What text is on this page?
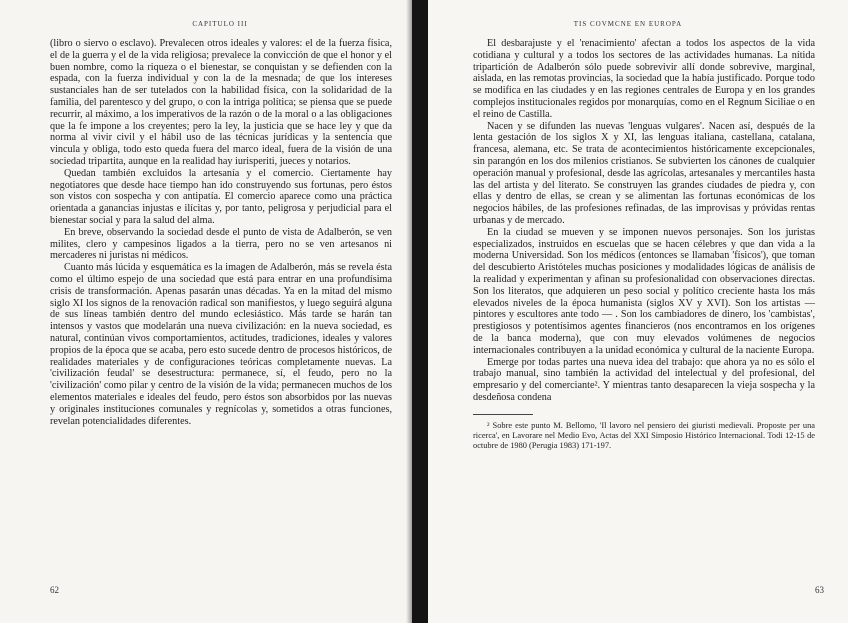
CAPITULO III

(libro o siervo o esclavo). Prevalecen otros ideales y valores: el de la fuerza física, el de la guerra y el de la vida religiosa; prevalece la convicción de que el honor y el buen nombre, como la riqueza o el bienestar, se conquistan y se defienden con la espada, con la fuerza individual y con la de la mesnada; de que los intereses sustanciales han de ser tutelados con la habilidad física, con la solidaridad de la familia, del parentesco y del grupo, o con la intriga política; se piensa que se puede recurrir, al máximo, a los imperativos de la razón o de la moral o a las obligaciones que la fe impone a los creyentes; pero la ley, la justicia que se hace ley y que da norma al vivir civil y el hábil uso de las técnicas jurídicas y la sentencia que vincula y obliga, todo esto queda fuera del marco ideal, fuera de la visión de una sociedad tripartita, aunque en la realidad hay iurisperiti, jueces y notarios.

Quedan también excluidos la artesanía y el comercio. Ciertamente hay negotiatores que desde hace tiempo han ido construyendo sus fortunas, pero éstos son vistos con sospecha y con antipatía. El comercio aparece como una práctica orientada a ganancias injustas e ilícitas y, por tanto, peligrosa y perjudicial para el bienestar social y para la salud del alma.

En breve, observando la sociedad desde el punto de vista de Adalberón, se ven milites, clero y campesinos ligados a la tierra, pero no se ven artesanos ni mercaderes ni juristas ni médicos.

Cuanto más lúcida y esquemática es la imagen de Adalberón, más se revela ésta como el último espejo de una sociedad que está para entrar en una profundísima crisis de transformación. Apenas pasarán unas décadas. Ya en la mitad del mismo siglo XI los signos de la renovación radical son manifiestos, y luego seguirá alguna de sus líneas también dentro del mundo eclesiástico. Más tarde se harán tan intensos y vastos que modelarán una nueva civilización: en la nueva sociedad, es natural, continúan vivos comportamientos, actitudes, tradiciones, ideales y valores propios de la época que se acaba, pero esto sucede dentro de procesos históricos, de realidades materiales y de configuraciones teóricas completamente nuevas. La 'civilización feudal' se desestructura: permanece, sí, el feudo, pero no la 'civilización' como pilar y centro de la visión de la vida; permanecen muchos de los elementos materiales e ideales del feudo, pero éstos son absorbidos por las nuevas y originales instituciones comunales y regnícolas y, sometidos a otras funciones, revelan potencialidades diferentes.

62
TIS COVMCNE EN EUROPA

El desbarajuste y el 'renacimiento' afectan a todos los aspectos de la vida cotidiana y cultural y a todos los sectores de las actividades humanas. La nítida tripartición de Adalberón sólo puede sobrevivir allí donde sobrevive, marginal, aislada, en las remotas provincias, la sociedad que la había justificado. Porque todo se modifica en las ciudades y en las regiones centrales de Europa y en los grandes complejos institucionales regidos por monarquías, como en el Regnum Siciliae o en el reino de Castilla.

Nacen y se difunden las nuevas 'lenguas vulgares'. Nacen así, después de la lenta gestación de los siglos X y XI, las lenguas italiana, castellana, catalana, francesa, alemana, etc. Se trata de acontecimientos históricamente excepcionales, sin parangón en los dos milenios cristianos. Se subvierten los cánones de cualquier operación manual y profesional, desde las agrícolas, artesanales y mercantiles hasta las del artista y del literato. Se construyen las grandes ciudades de piedra y, con ellas y dentro de ellas, se crean y se alimentan las fortunas económicas de los negocios hábiles, de las profesiones refinadas, de las improvisas y próvidas rentas urbanas y de mercado.

En la ciudad se mueven y se imponen nuevos personajes. Son los juristas especializados, instruidos en escuelas que se hacen célebres y que dan vida a la moderna Universidad. Son los médicos (entonces se llamaban 'físicos'), que toman del descubierto Aristóteles muchas posiciones y modalidades lógicas de análisis de la realidad y experimentan y afinan su profesionalidad con observaciones directas. Son los literatos, que adquieren un peso social y político creciente hasta los más elevados niveles de la época humanista (siglos XV y XVI). Son los artistas — pintores y escultores ante todo — . Son los cambiadores de dinero, los 'cambistas', prestigiosos y potentísimos agentes financieros (nos encontramos en los orígenes de la banca moderna), que con muy elevados volúmenes de negocios internacionales contribuyen a la unidad económica y cultural de la naciente Europa.

Emerge por todas partes una nueva idea del trabajo: que ahora ya no es sólo el trabajo manual, sino también la actividad del intelectual y del profesional, del empresario y del comerciante². Y mientras tanto desaparecen la vieja sospecha y la desdeñosa condena

² Sobre este punto M. Bellomo, 'Il lavoro nel pensiero dei giuristi medievali. Proposte per una ricerca', en Lavorare nel Medio Evo, Actas del XXI Simposio Histórico Internacional. Todi 12-15 de octubre de 1980 (Perugia 1983) 171-197.

63
